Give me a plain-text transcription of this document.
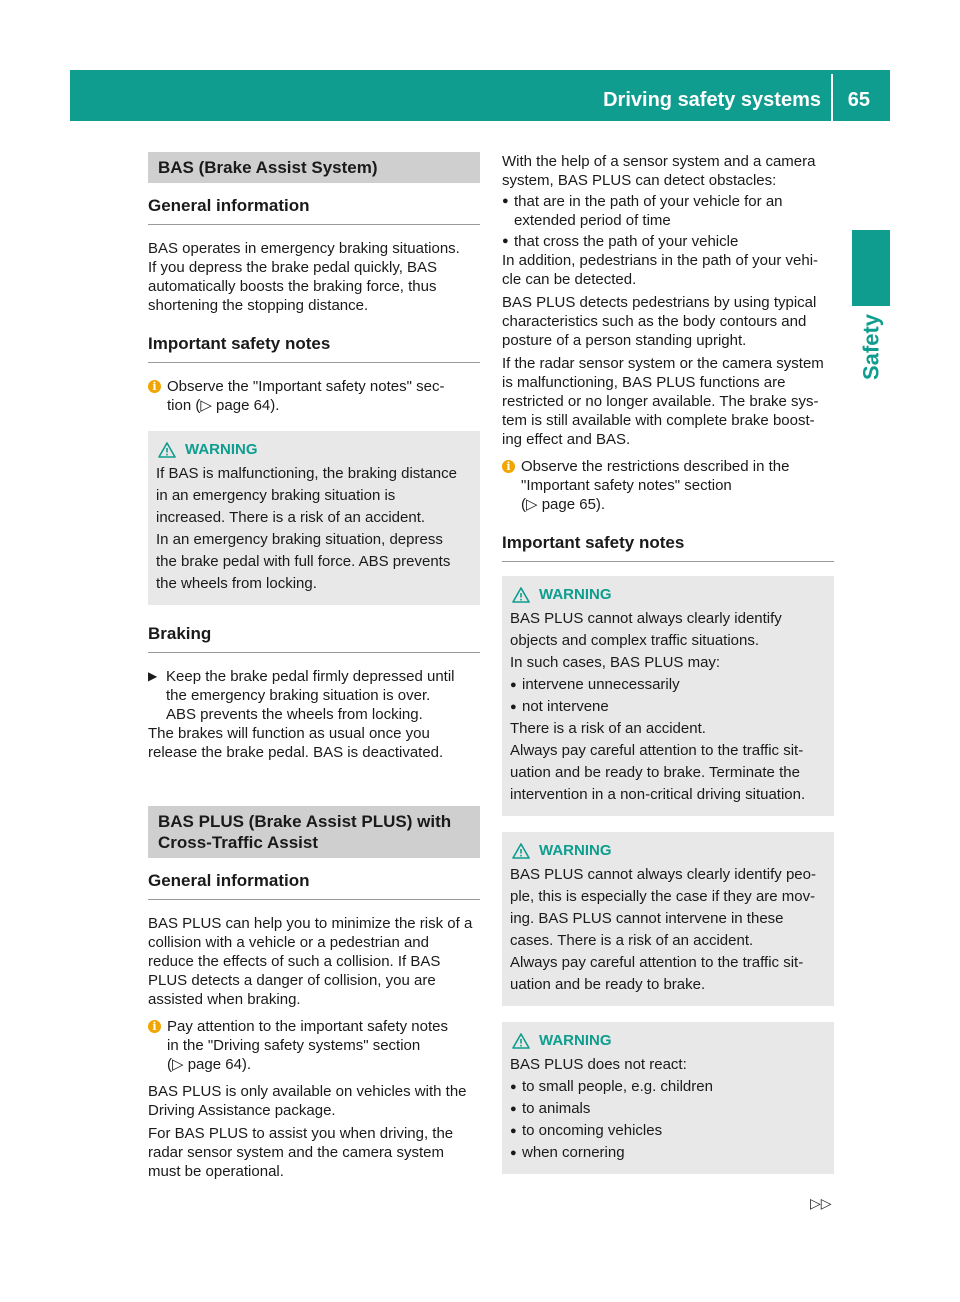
Driving safety systems 65
Safety
BAS (Brake Assist System)
General information

BAS operates in emergency braking situations.

If you depress the brake pedal quickly, BAS

automatically boosts the braking force, thus

shortening the stopping distance.

Important safety notes
i Observe the "Important safety notes" sec-

tion (▷ page 64).

WARNING

If BAS is malfunctioning, the braking distance

in an emergency braking situation is

increased. There is a risk of an accident.

In an emergency braking situation, depress

the brake pedal with full force. ABS prevents

the wheels from locking.

Braking
▶ Keep the brake pedal firmly depressed until

the emergency braking situation is over.

ABS prevents the wheels from locking.

The brakes will function as usual once you

release the brake pedal. BAS is deactivated.

BAS PLUS (Brake Assist PLUS) with
Cross-Traffic Assist
General information

BAS PLUS can help you to minimize the risk of a

collision with a vehicle or a pedestrian and

reduce the effects of such a collision. If BAS

PLUS detects a danger of collision, you are

assisted when braking.

i Pay attention to the important safety notes

in the "Driving safety systems" section

(▷ page 64).

BAS PLUS is only available on vehicles with the

Driving Assistance package.

For BAS PLUS to assist you when driving, the

radar sensor system and the camera system

must be operational.

With the help of a sensor system and a camera

system, BAS PLUS can detect obstacles:

● that are in the path of your vehicle for an

extended period of time

● that cross the path of your vehicle

In addition, pedestrians in the path of your vehi-

cle can be detected.

BAS PLUS detects pedestrians by using typical

characteristics such as the body contours and

posture of a person standing upright.

If the radar sensor system or the camera system

is malfunctioning, BAS PLUS functions are

restricted or no longer available. The brake sys-

tem is still available with complete brake boost-

ing effect and BAS.

i Observe the restrictions described in the

"Important safety notes" section

(▷ page 65).

Important safety notes
WARNING

BAS PLUS cannot always clearly identify

objects and complex traffic situations.

In such cases, BAS PLUS may:

● intervene unnecessarily
● not intervene

There is a risk of an accident.

Always pay careful attention to the traffic sit-

uation and be ready to brake. Terminate the

intervention in a non-critical driving situation.

WARNING

BAS PLUS cannot always clearly identify peo-

ple, this is especially the case if they are mov-

ing. BAS PLUS cannot intervene in these

cases. There is a risk of an accident.

Always pay careful attention to the traffic sit-

uation and be ready to brake.

WARNING

BAS PLUS does not react:

● to small people, e.g. children
● to animals
● to oncoming vehicles
● when cornering
▷▷
